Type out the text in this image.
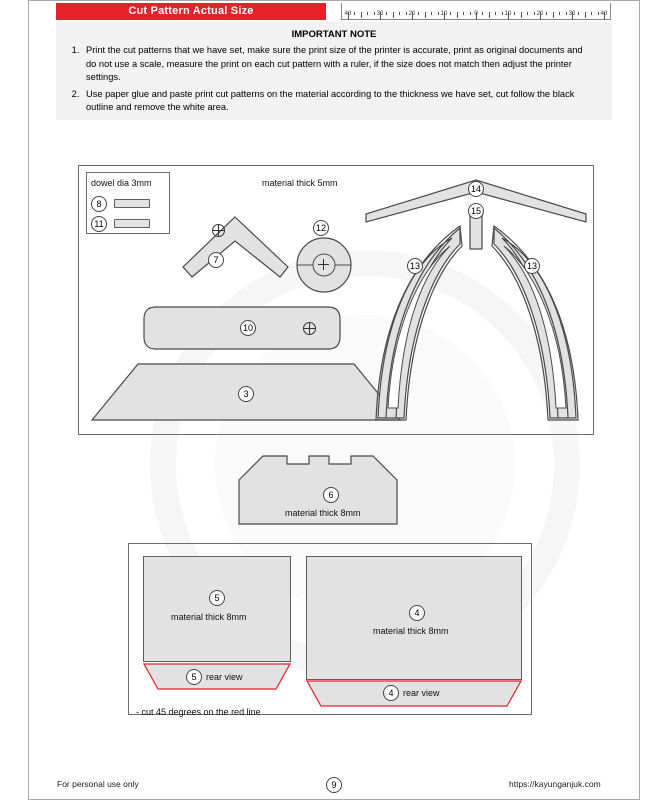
Cut Pattern Actual Size	40	30	20	10	0	10	20	30	40
IMPORTANT NOTE
1. Print the cut patterns that we have set, make sure the print size of the printer is accurate, print as original documents and do not use a scale, measure the print on each cut pattern with a ruler, if the size does not match then adjust the printer settings.
2. Use paper glue and paste print cut patterns on the material according to the thickness we have set, cut follow the black outline and remove the white area.
dowel dia 3mm
8
11
material thick 5mm
7
12
10
3
14
15
13	13
6
material thick 8mm
5
material thick 8mm
5	rear view
4
material thick 8mm
4	rear view
- cut 45 degrees on the red line
For personal use only	9	https://kayunganjuk.com
